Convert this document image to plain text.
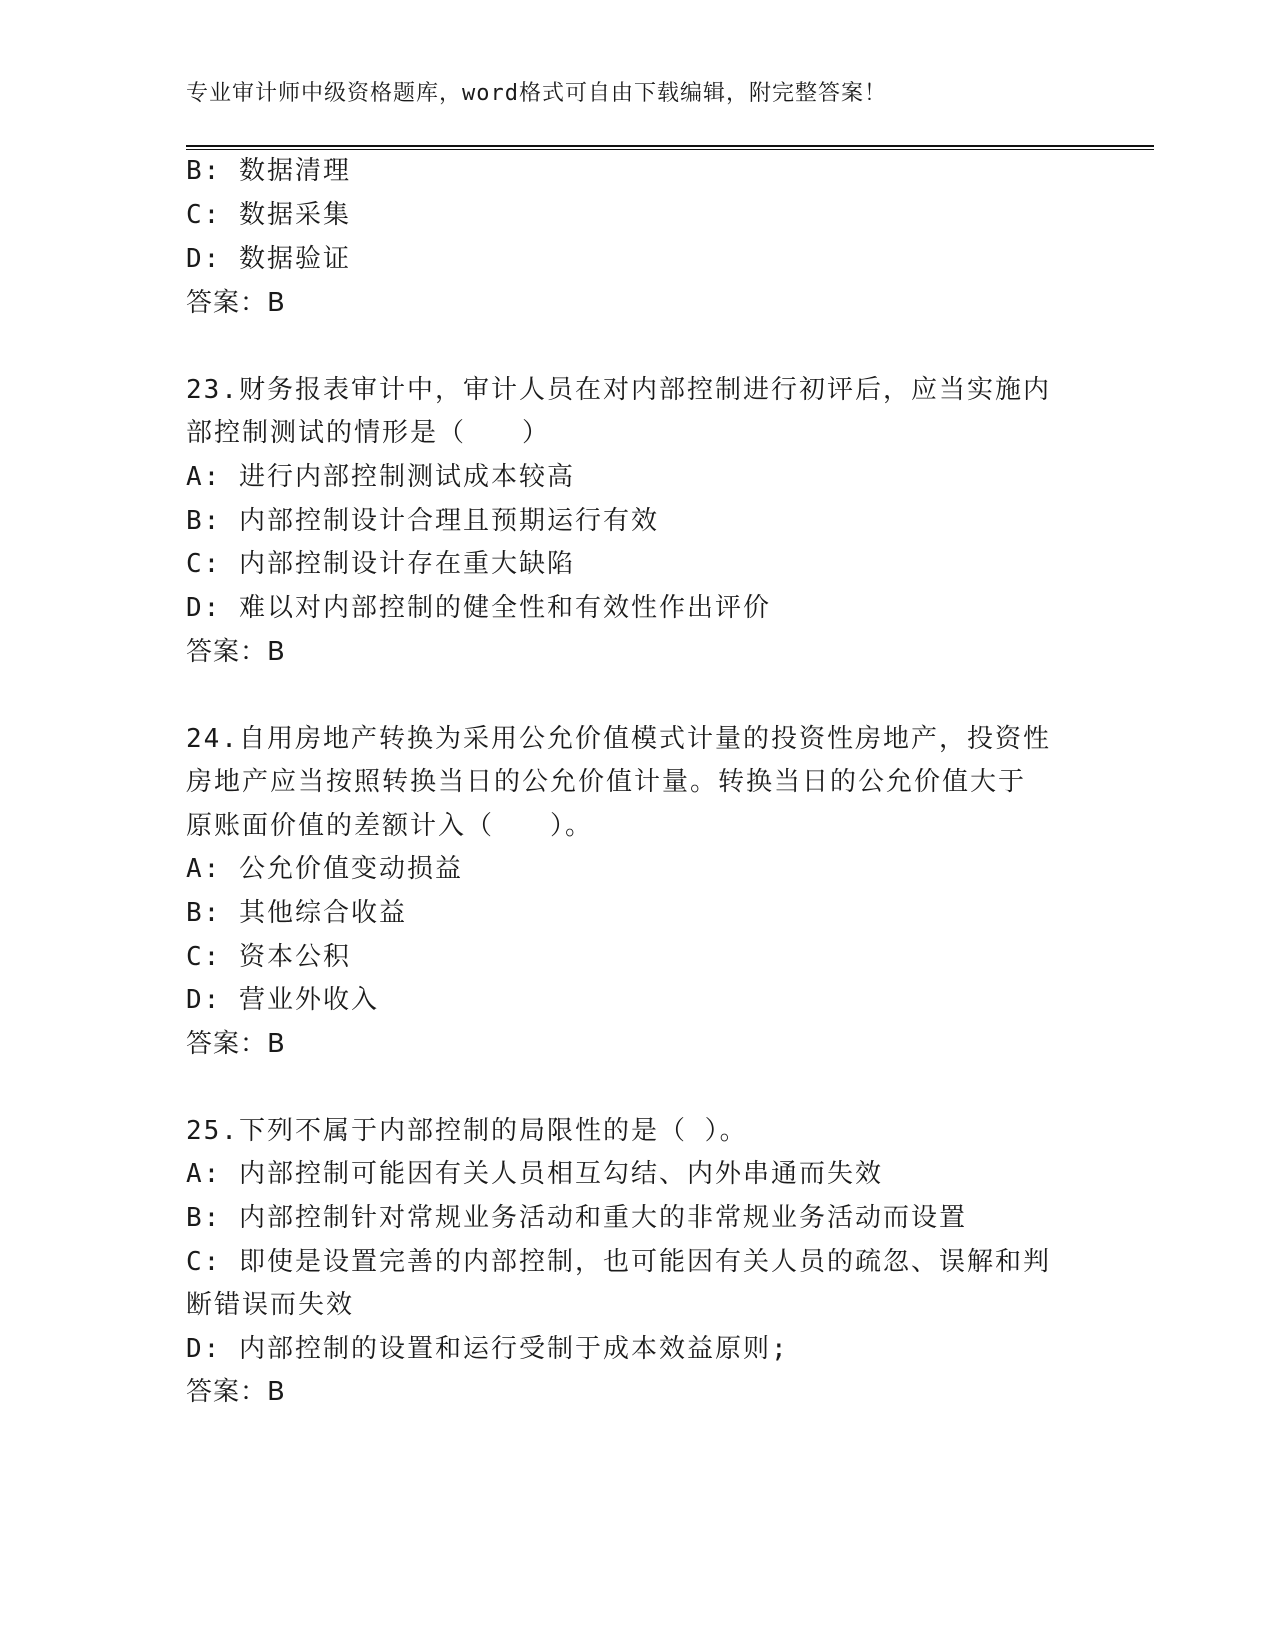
专业审计师中级资格题库，word格式可自由下载编辑，附完整答案！
B: 数据清理
C: 数据采集
D: 数据验证
答案：B
23.财务报表审计中，审计人员在对内部控制进行初评后，应当实施内
部控制测试的情形是（　　）
A: 进行内部控制测试成本较高
B: 内部控制设计合理且预期运行有效
C: 内部控制设计存在重大缺陷
D: 难以对内部控制的健全性和有效性作出评价
答案：B
24.自用房地产转换为采用公允价值模式计量的投资性房地产，投资性
房地产应当按照转换当日的公允价值计量。转换当日的公允价值大于
原账面价值的差额计入（　　）。
A: 公允价值变动损益
B: 其他综合收益
C: 资本公积
D: 营业外收入
答案：B
25.下列不属于内部控制的局限性的是（ ）。
A: 内部控制可能因有关人员相互勾结、内外串通而失效
B: 内部控制针对常规业务活动和重大的非常规业务活动而设置
C: 即使是设置完善的内部控制，也可能因有关人员的疏忽、误解和判
断错误而失效
D: 内部控制的设置和运行受制于成本效益原则;
答案：B
